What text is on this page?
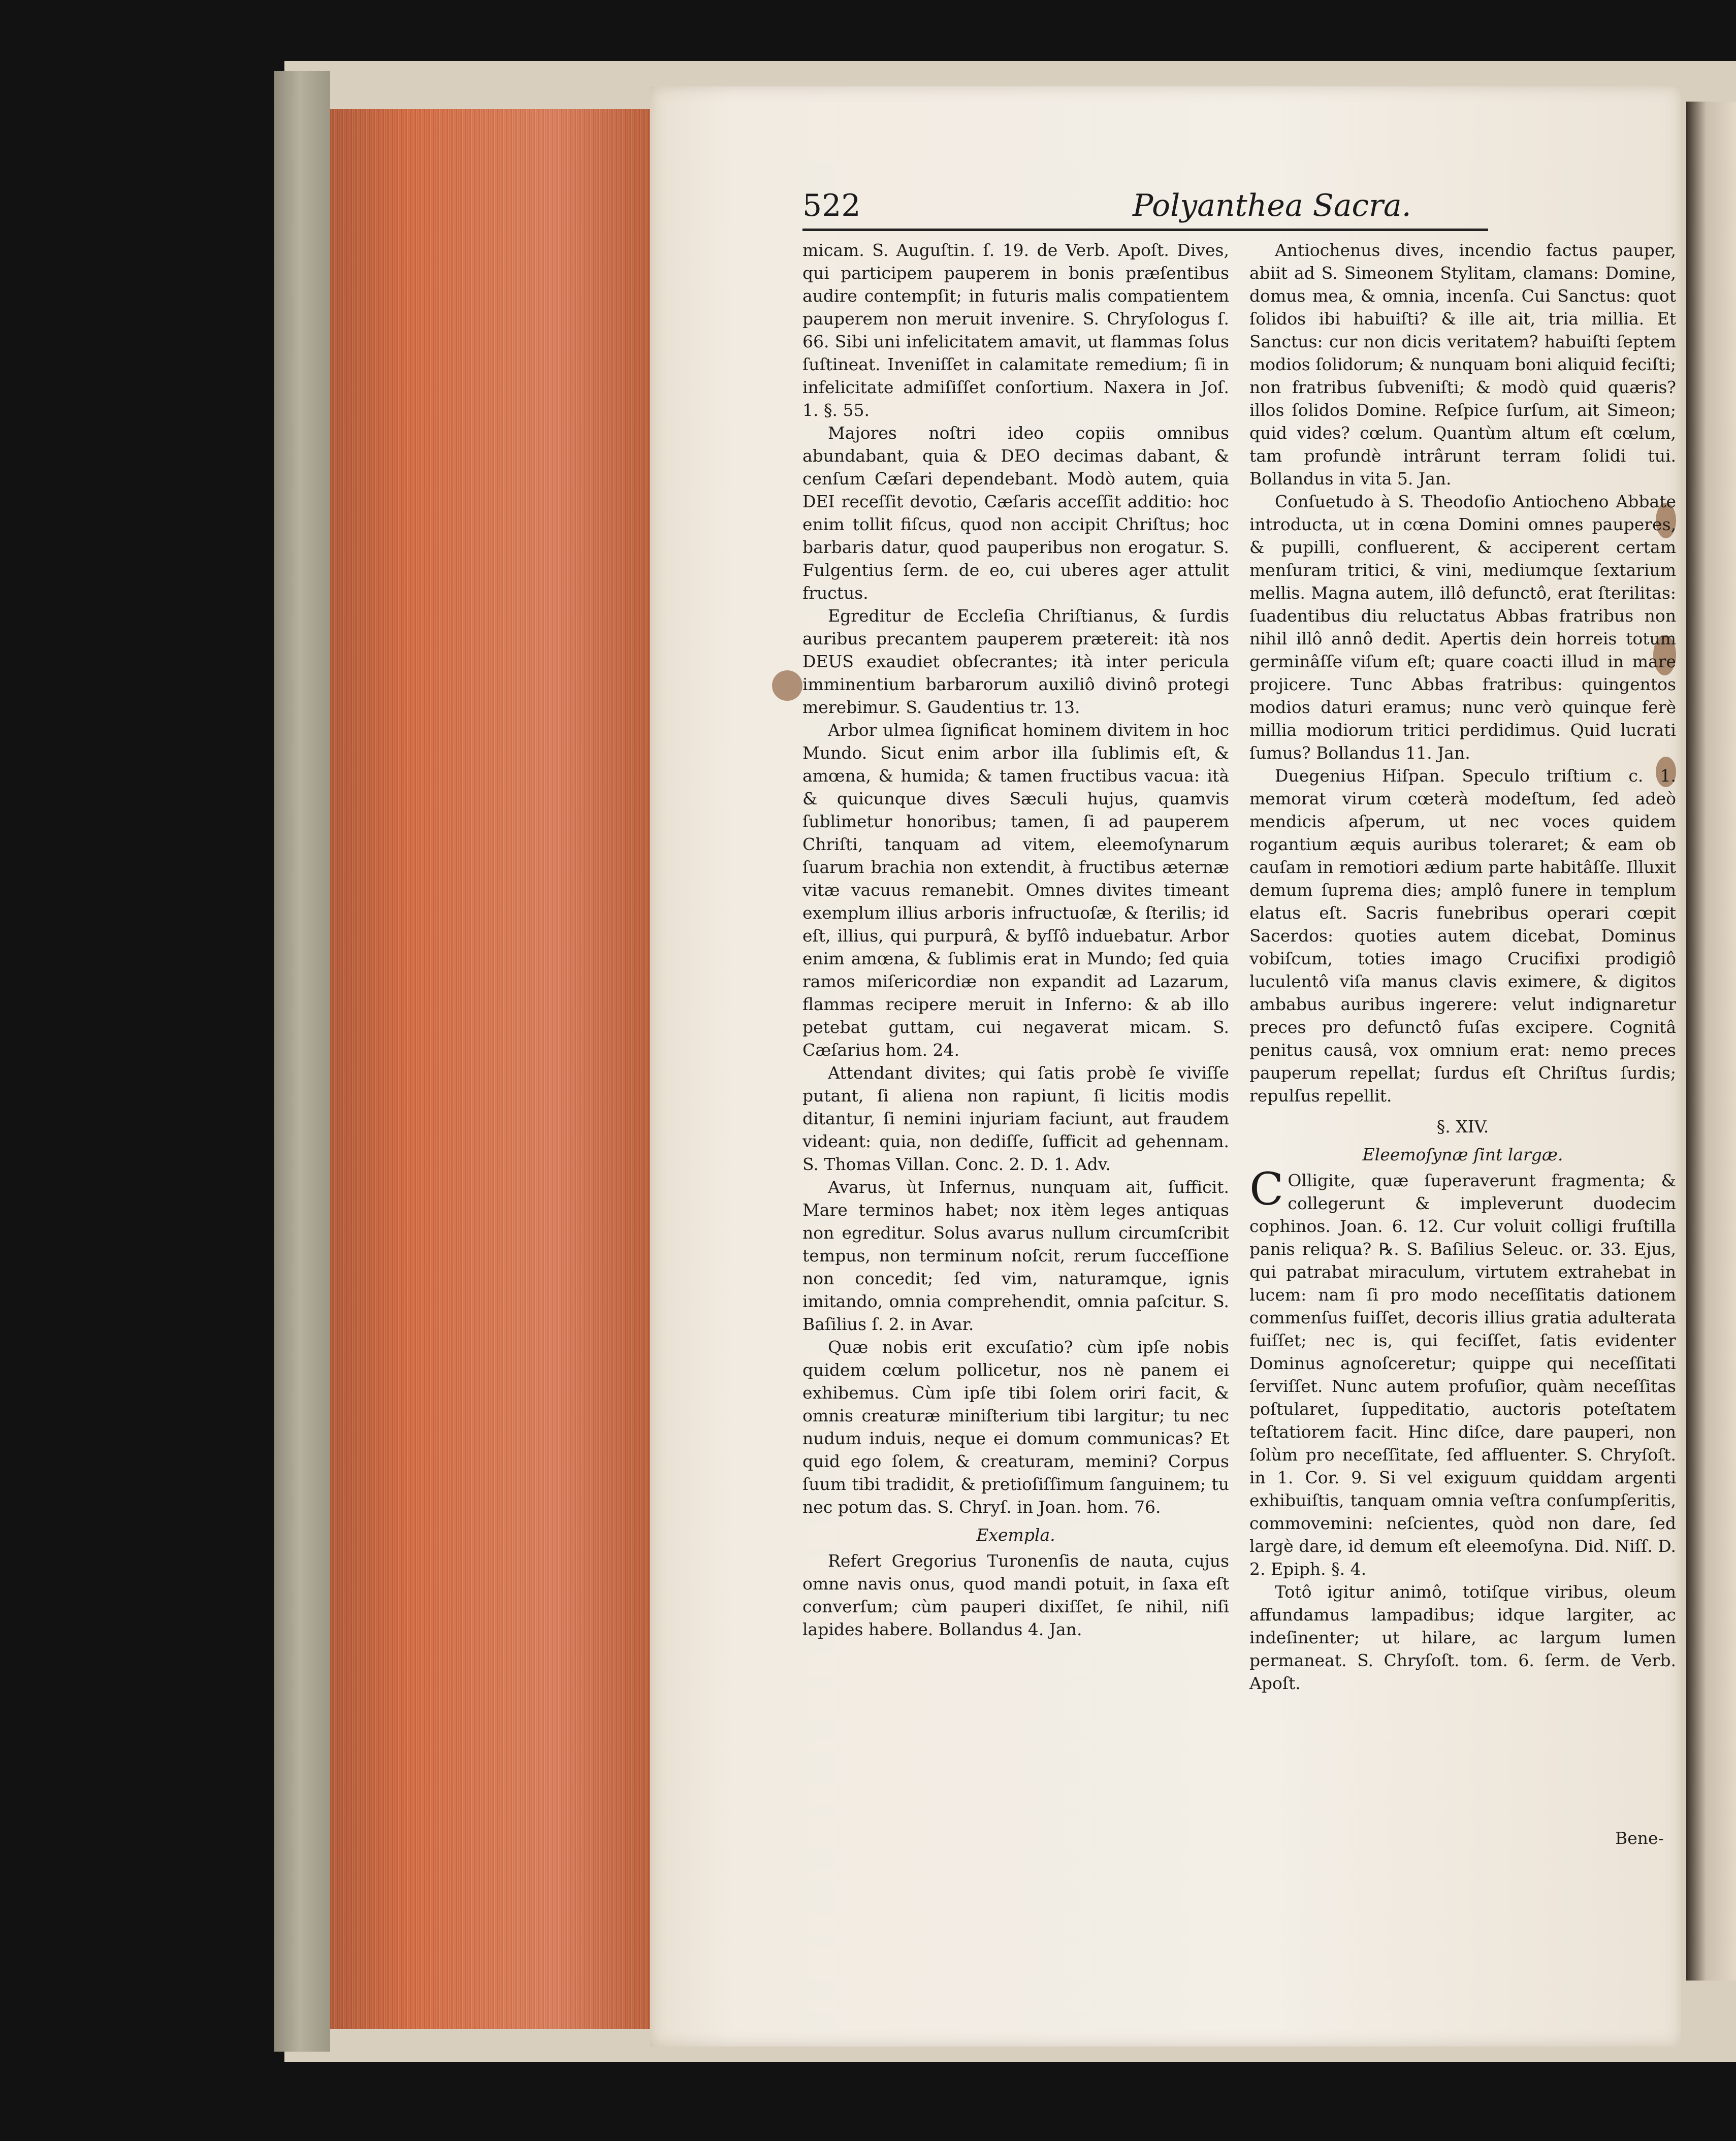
522	Polyanthea Sacra.

micam. S. Auguſtin. ſ. 19. de Verb. Apoſt. Dives, qui participem pauperem in bonis præſentibus audire contempſit; in futuris malis compatientem pauperem non meruit invenire. S. Chryſologus ſ. 66. Sibi uni infelicitatem amavit, ut flammas ſolus ſuſtineat. Inveniſſet in calamitate remedium; ſi in infelicitate admiſiſſet conſortium. Naxera in Joſ. 1. §. 55.

Majores noſtri ideo copiis omnibus abundabant, quia & DEO decimas dabant, & cenſum Cæſari dependebant. Modò autem, quia DEI receſſit devotio, Cæſaris acceſſit additio: hoc enim tollit fiſcus, quod non accipit Chriſtus; hoc barbaris datur, quod pauperibus non erogatur. S. Fulgentius ſerm. de eo, cui uberes ager attulit fructus.

Egreditur de Eccleſia Chriſtianus, & ſurdis auribus precantem pauperem prætereit: ità nos DEUS exaudiet obſecrantes; ità inter pericula imminentium barbarorum auxiliô divinô protegi merebimur. S. Gaudentius tr. 13.

Arbor ulmea ſignificat hominem divitem in hoc Mundo. Sicut enim arbor illa ſublimis eſt, & amœna, & humida; & tamen fructibus vacua: ità & quicunque dives Sæculi hujus, quamvis ſublimetur honoribus; tamen, ſi ad pauperem Chriſti, tanquam ad vitem, eleemoſynarum ſuarum brachia non extendit, à fructibus æternæ vitæ vacuus remanebit. Omnes divites timeant exemplum illius arboris infructuoſæ, & ſterilis; id eſt, illius, qui purpurâ, & byſſô induebatur. Arbor enim amœna, & ſublimis erat in Mundo; ſed quia ramos miſericordiæ non expandit ad Lazarum, flammas recipere meruit in Inferno: & ab illo petebat guttam, cui negaverat micam. S. Cæſarius hom. 24.

Attendant divites; qui ſatis probè ſe viviſſe putant, ſi aliena non rapiunt, ſi licitis modis ditantur, ſi nemini injuriam faciunt, aut fraudem videant: quia, non dediſſe, ſufficit ad gehennam. S. Thomas Villan. Conc. 2. D. 1. Adv.

Avarus, ùt Infernus, nunquam ait, ſufficit. Mare terminos habet; nox itèm leges antiquas non egreditur. Solus avarus nullum circumſcribit tempus, non terminum noſcit, rerum ſucceſſione non concedit; ſed vim, naturamque, ignis imitando, omnia comprehendit, omnia paſcitur. S. Baſilius ſ. 2. in Avar.

Quæ nobis erit excuſatio? cùm ipſe nobis quidem cœlum pollicetur, nos nè panem ei exhibemus. Cùm ipſe tibi ſolem oriri facit, & omnis creaturæ miniſterium tibi largitur; tu nec nudum induis, neque ei domum communicas? Et quid ego ſolem, & creaturam, memini? Corpus ſuum tibi tradidit, & pretioſiſſimum ſanguinem; tu nec potum das. S. Chryſ. in Joan. hom. 76.

Exempla.

Refert Gregorius Turonenſis de nauta, cujus omne navis onus, quod mandi potuit, in ſaxa eſt converſum; cùm pauperi dixiſſet, ſe nihil, niſi lapides habere. Bollandus 4. Jan.

Antiochenus dives, incendio factus pauper, abiit ad S. Simeonem Stylitam, clamans: Domine, domus mea, & omnia, incenſa. Cui Sanctus: quot ſolidos ibi habuiſti? & ille ait, tria millia. Et Sanctus: cur non dicis veritatem? habuiſti ſeptem modios ſolidorum; & nunquam boni aliquid feciſti; non fratribus ſubveniſti; & modò quid quæris? illos ſolidos Domine. Reſpice ſurſum, ait Simeon; quid vides? cœlum. Quantùm altum eſt cœlum, tam profundè intrârunt terram ſolidi tui. Bollandus in vita 5. Jan.

Conſuetudo à S. Theodoſio Antiocheno Abbate introducta, ut in cœna Domini omnes pauperes, & pupilli, confluerent, & acciperent certam menſuram tritici, & vini, mediumque ſextarium mellis. Magna autem, illô defunctô, erat ſterilitas: ſuadentibus diu reluctatus Abbas fratribus non nihil illô annô dedit. Apertis dein horreis totum germinâſſe viſum eſt; quare coacti illud in mare projicere. Tunc Abbas fratribus: quingentos modios daturi eramus; nunc verò quinque ferè millia modiorum tritici perdidimus. Quid lucrati ſumus? Bollandus 11. Jan.

Duegenius Hiſpan. Speculo triſtium c. 1. memorat virum cœterà modeſtum, ſed adeò mendicis aſperum, ut nec voces quidem rogantium æquis auribus toleraret; & eam ob cauſam in remotiori ædium parte habitâſſe. Illuxit demum ſuprema dies; amplô funere in templum elatus eſt. Sacris funebribus operari cœpit Sacerdos: quoties autem dicebat, Dominus vobiſcum, toties imago Crucifixi prodigiô luculentô viſa manus clavis eximere, & digitos ambabus auribus ingerere: velut indignaretur preces pro defunctô fuſas excipere. Cognitâ penitus causâ, vox omnium erat: nemo preces pauperum repellat; ſurdus eſt Chriſtus ſurdis; repulſus repellit.

§. XIV.

Eleemoſynæ ſint largæ.

C Olligite, quæ ſuperaverunt fragmenta; & collegerunt & impleverunt duodecim cophinos. Joan. 6. 12. Cur voluit colligi fruſtilla panis reliqua? ℞. S. Baſilius Seleuc. or. 33. Ejus, qui patrabat miraculum, virtutem extrahebat in lucem: nam ſi pro modo neceſſitatis dationem commenſus fuiſſet, decoris illius gratia adulterata fuiſſet; nec is, qui feciſſet, ſatis evidenter Dominus agnoſceretur; quippe qui neceſſitati ſerviſſet. Nunc autem profuſior, quàm neceſſitas poſtularet, ſuppeditatio, auctoris poteſtatem teſtatiorem facit. Hinc diſce, dare pauperi, non ſolùm pro neceſſitate, ſed affluenter. S. Chryſoſt. in 1. Cor. 9. Si vel exiguum quiddam argenti exhibuiſtis, tanquam omnia veſtra conſumpſeritis, commovemini: neſcientes, quòd non dare, ſed largè dare, id demum eſt eleemoſyna. Did. Niſſ. D. 2. Epiph. §. 4.

Totô igitur animô, totiſque viribus, oleum affundamus lampadibus; idque largiter, ac indeſinenter; ut hilare, ac largum lumen permaneat. S. Chryſoſt. tom. 6. ſerm. de Verb. Apoſt.

Bene-
